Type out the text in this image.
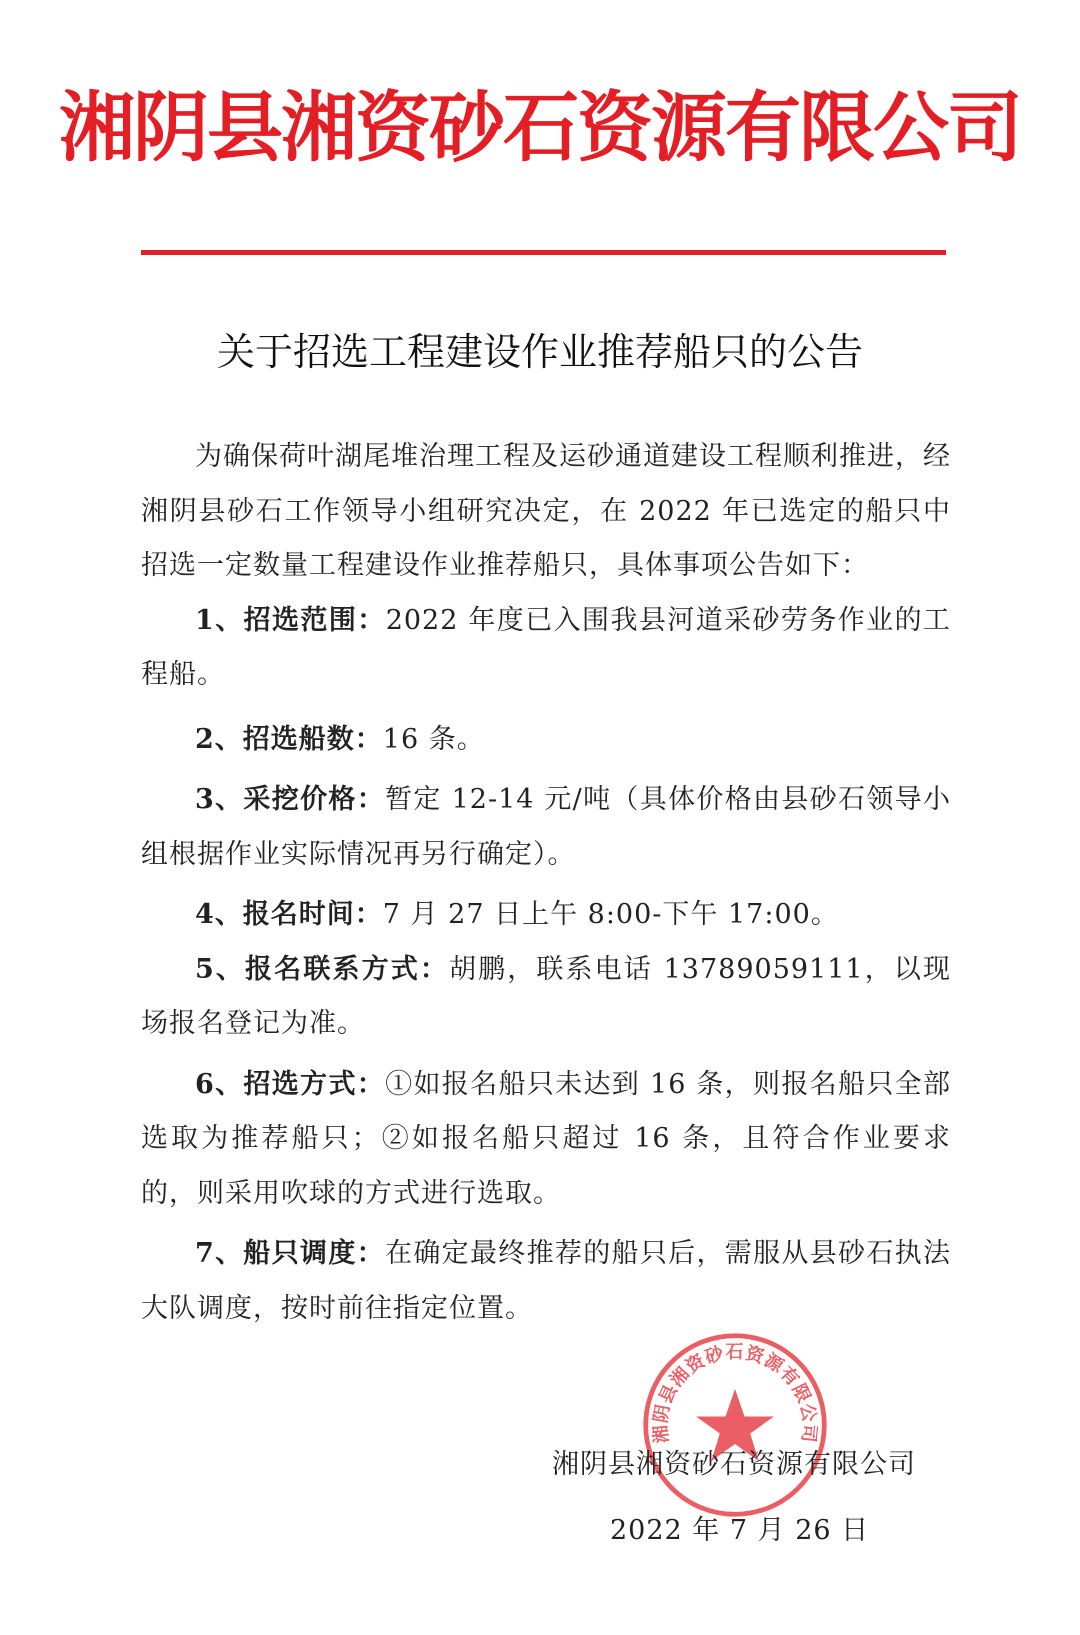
湘阴县湘资砂石资源有限公司
关于招选工程建设作业推荐船只的公告

为确保荷叶湖尾堆治理工程及运砂通道建设工程顺利推进，经湘阴县砂石工作领导小组研究决定，在 2022 年已选定的船只中招选一定数量工程建设作业推荐船只，具体事项公告如下：

1、招选范围：2022 年度已入围我县河道采砂劳务作业的工程船。

2、招选船数：16 条。

3、采挖价格：暂定 12-14 元/吨（具体价格由县砂石领导小组根据作业实际情况再另行确定）。

4、报名时间：7 月 27 日上午 8:00-下午 17:00。

5、报名联系方式：胡鹏，联系电话 13789059111，以现场报名登记为准。

6、招选方式：①如报名船只未达到 16 条，则报名船只全部选取为推荐船只；②如报名船只超过 16 条，且符合作业要求的，则采用吹球的方式进行选取。

7、船只调度：在确定最终推荐的船只后，需服从县砂石执法大队调度，按时前往指定位置。

湘阴县湘资砂石资源有限公司
湘阴县湘资砂石资源有限公司
2022 年 7 月 26 日
